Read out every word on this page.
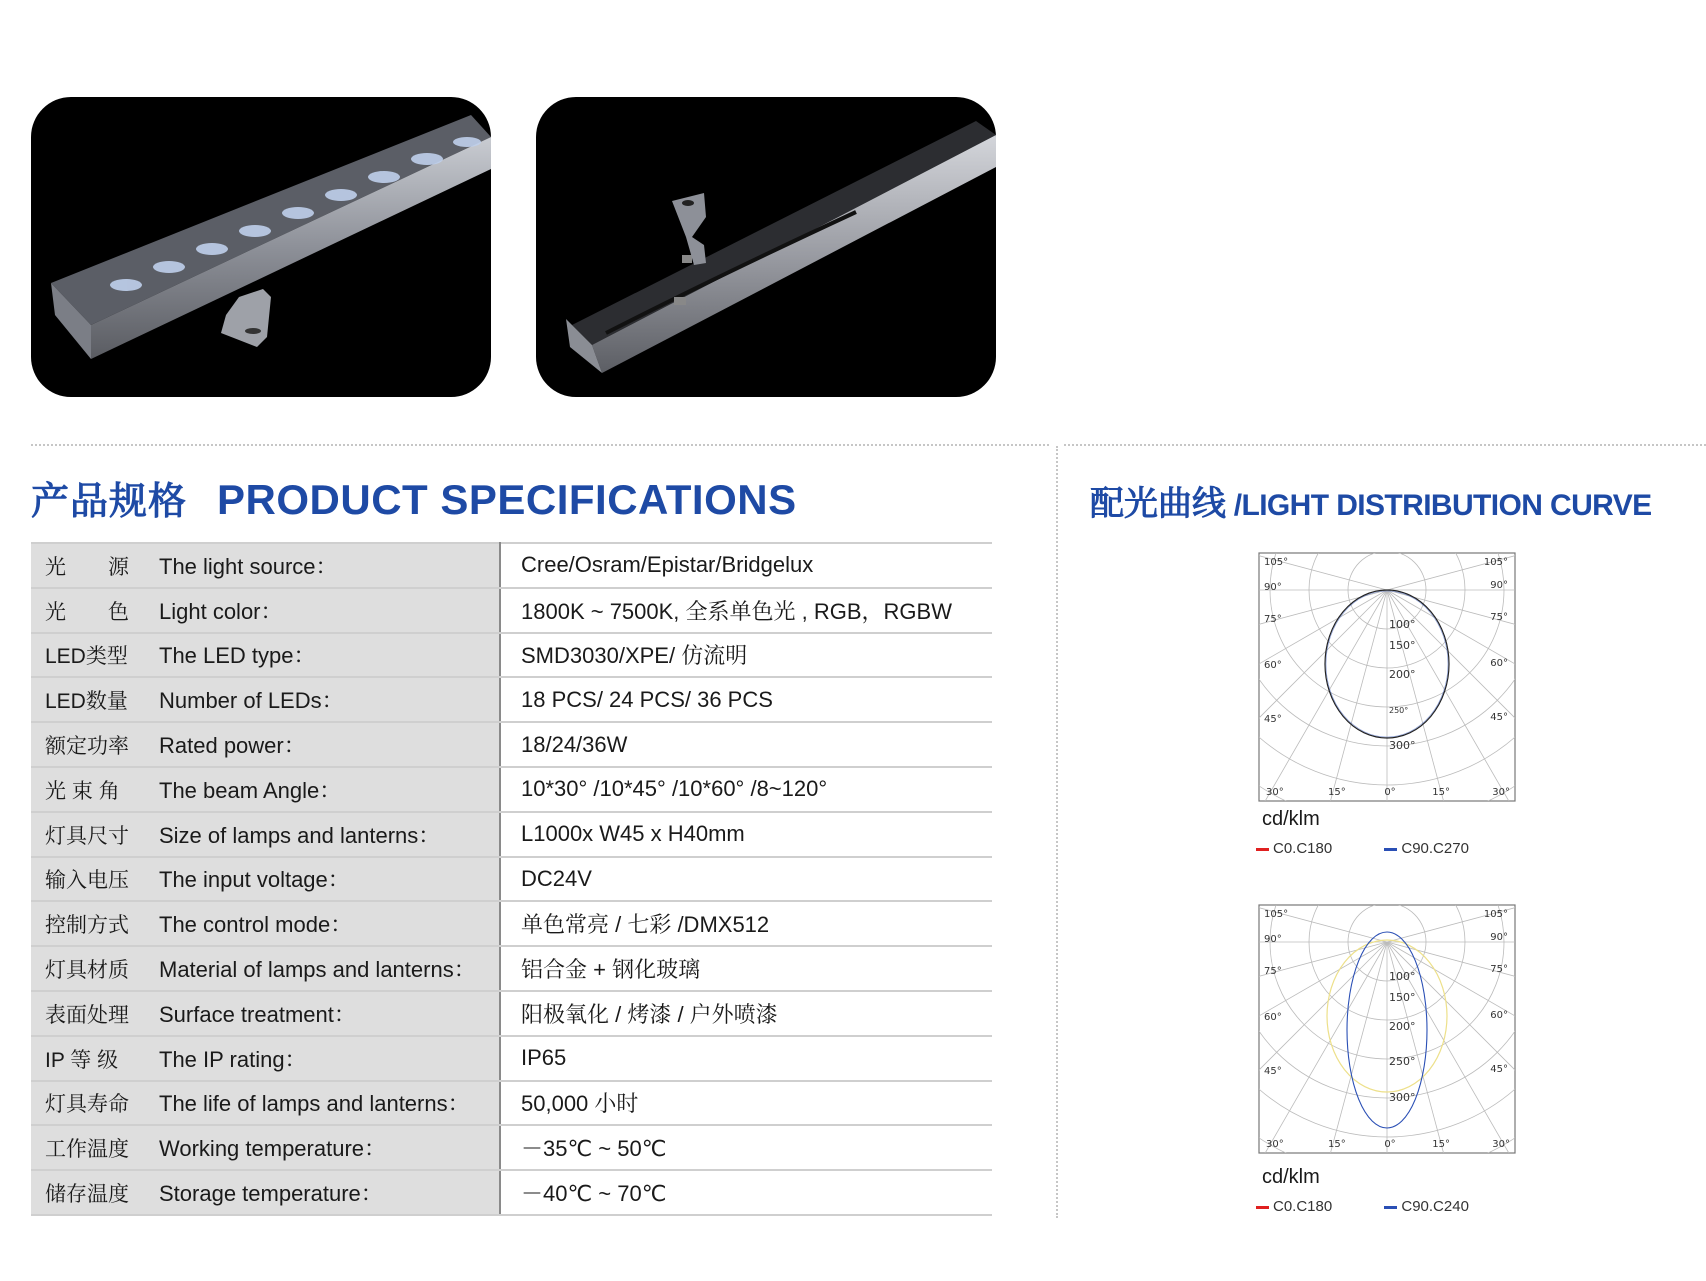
产品规格 PRODUCT SPECIFICATIONS
光　　源 The light source：	Cree/Osram/Epistar/Bridgelux
光　　色 Light color：	1800K ~ 7500K, 全系单色光 , RGB，RGBW
LED类型 The LED type：	SMD3030/XPE/ 仿流明
LED数量 Number of LEDs：	18 PCS/ 24 PCS/ 36 PCS
额定功率 Rated power：	18/24/36W
光 束 角 The beam Angle：	10*30° /10*45° /10*60° /8~120°
灯具尺寸 Size of lamps and lanterns：	L1000x W45 x H40mm
输入电压 The input voltage：	DC24V
控制方式 The control mode：	单色常亮 / 七彩 /DMX512
灯具材质 Material of lamps and lanterns：	铝合金 + 钢化玻璃
表面处理 Surface treatment：	阳极氧化 / 烤漆 / 户外喷漆
IP 等 级 The IP rating：	IP65
灯具寿命 The life of lamps and lanterns：	50,000 小时
工作温度 Working temperature：	－35℃ ~ 50℃
储存温度 Storage temperature：	－40℃ ~ 70℃
配光曲线 /LIGHT DISTRIBUTION CURVE
105°
90°
75°
60°
45°
30°	15°	0°
105°
90°
75°
60°
45°
30°
15°
100°
150°
200°
250°
300°
cd/klm
C0.C180	C90.C270
105°
90°
75°
60°
45°
30°	15°	0°
105°
90°
75°
60°
45°
30°
15°
100°
150°
200°
250°
300°
cd/klm
C0.C180	C90.C240
